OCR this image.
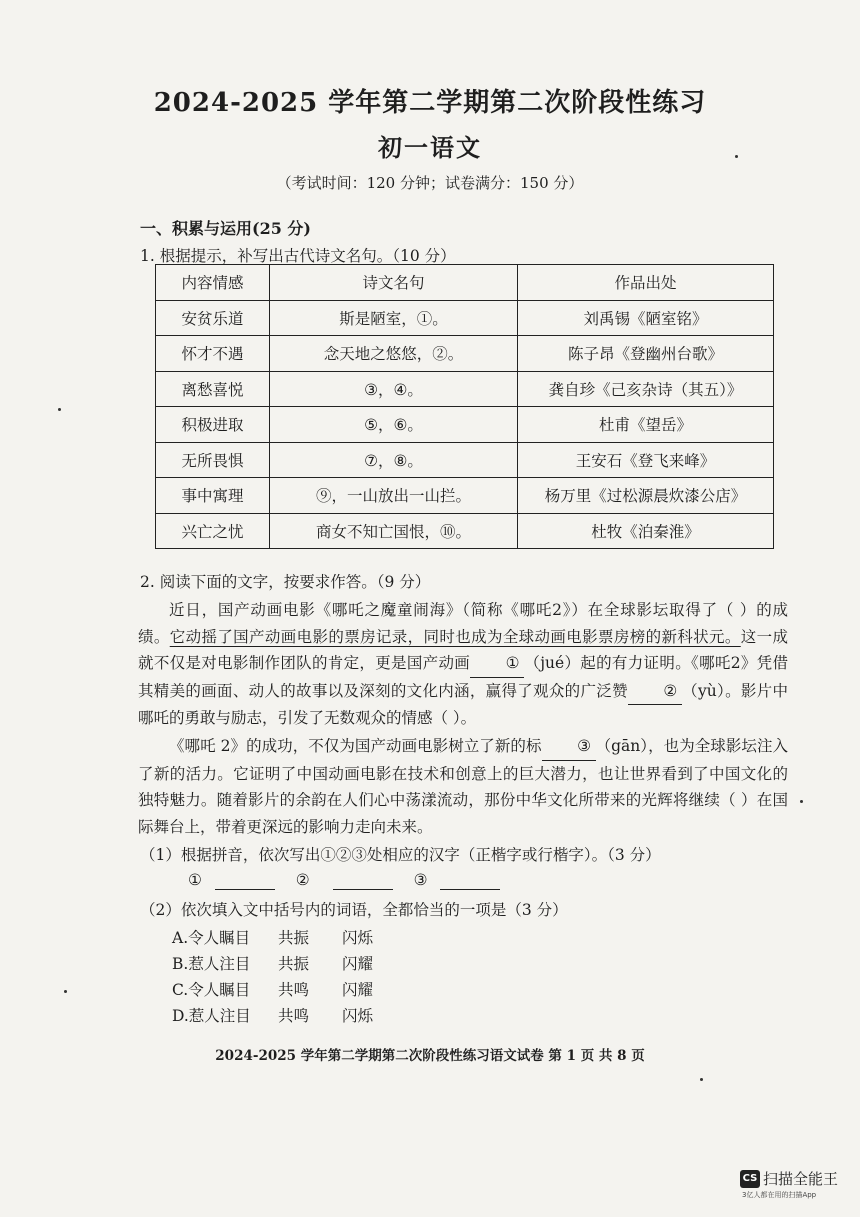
2024-2025 学年第二学期第二次阶段性练习
初一语文
（考试时间：120 分钟；试卷满分：150 分）
一、积累与运用(25 分)
1. 根据提示，补写出古代诗文名句。（10 分）
内容情感	诗文名句	作品出处
安贫乐道	斯是陋室，①。	刘禹锡《陋室铭》
怀才不遇	念天地之悠悠，②。	陈子昂《登幽州台歌》
离愁喜悦	③，④。	龚自珍《己亥杂诗（其五）》
积极进取	⑤，⑥。	杜甫《望岳》
无所畏惧	⑦，⑧。	王安石《登飞来峰》
事中寓理	⑨，一山放出一山拦。	杨万里《过松源晨炊漆公店》
兴亡之忧	商女不知亡国恨，⑩。	杜牧《泊秦淮》
2. 阅读下面的文字，按要求作答。（9 分）
近日，国产动画电影《哪吒之魔童闹海》（简称《哪吒2》）在全球影坛取得了（ ）的成绩。它动摇了国产动画电影的票房记录，同时也成为全球动画电影票房榜的新科状元。这一成就不仅是对电影制作团队的肯定，更是国产动画 ① （jué）起的有力证明。《哪吒2》凭借其精美的画面、动人的故事以及深刻的文化内涵，赢得了观众的广泛赞 ② （yù）。影片中哪吒的勇敢与励志，引发了无数观众的情感（ ）。
《哪吒 2》的成功，不仅为国产动画电影树立了新的标 ③ （gān），也为全球影坛注入了新的活力。它证明了中国动画电影在技术和创意上的巨大潜力，也让世界看到了中国文化的独特魅力。随着影片的余韵在人们心中荡漾流动，那份中华文化所带来的光辉将继续（ ）在国际舞台上，带着更深远的影响力走向未来。
（1）根据拼音，依次写出①②③处相应的汉字（正楷字或行楷字）。（3 分）
①	②	③
（2）依次填入文中括号内的词语，全都恰当的一项是（3 分）
A.令人瞩目 共振 闪烁
B.惹人注目 共振 闪耀
C.令人瞩目 共鸣 闪耀
D.惹人注目 共鸣 闪烁
2024-2025 学年第二学期第二次阶段性练习语文试卷 第 1 页 共 8 页
CS 扫描全能王
3亿人都在用的扫描App
